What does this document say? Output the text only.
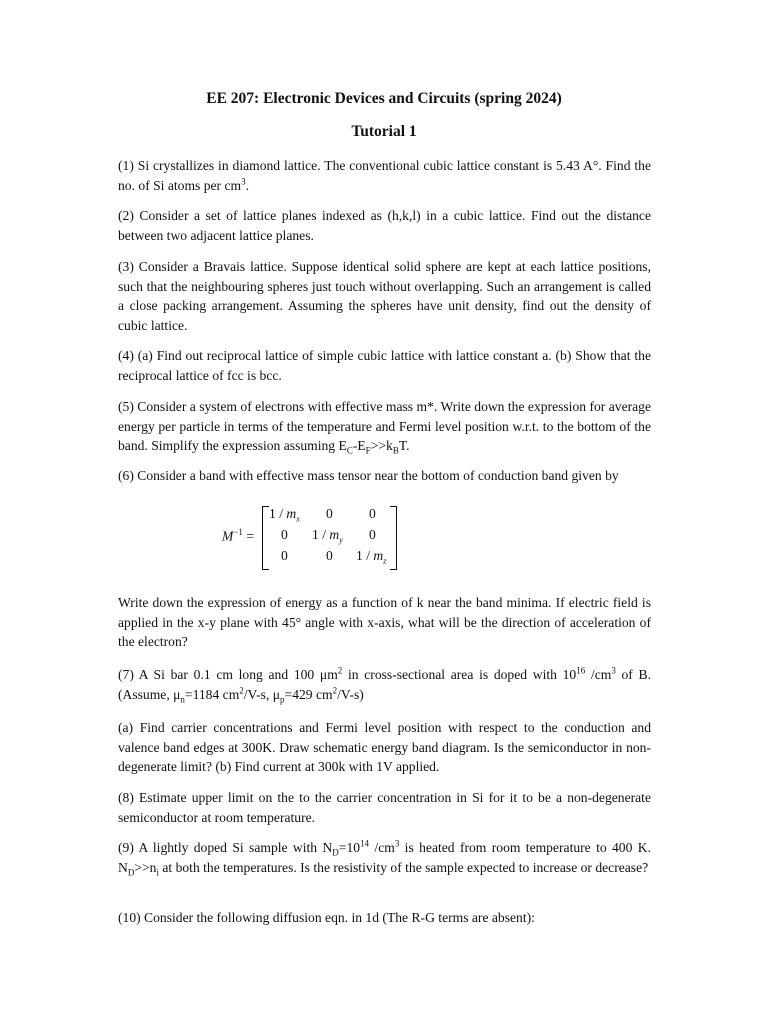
EE 207: Electronic Devices and Circuits (spring 2024)
Tutorial 1
(1) Si crystallizes in diamond lattice. The conventional cubic lattice constant is 5.43 A°. Find the no. of Si atoms per $cm^3$.
(2) Consider a set of lattice planes indexed as (h,k,l) in a cubic lattice. Find out the distance between two adjacent lattice planes.
(3) Consider a Bravais lattice. Suppose identical solid sphere are kept at each lattice positions, such that the neighbouring spheres just touch without overlapping. Such an arrangement is called a close packing arrangement. Assuming the spheres have unit density, find out the density of cubic lattice.
(4) (a) Find out reciprocal lattice of simple cubic lattice with lattice constant a. (b) Show that the reciprocal lattice of fcc is bcc.
(5) Consider a system of electrons with effective mass m*. Write down the expression for average energy per particle in terms of the temperature and Fermi level position w.r.t. to the bottom of the band. Simplify the expression assuming $E_C-E_F>>k_BT$.
(6) Consider a band with effective mass tensor near the bottom of conduction band given by
$M^{-1}$ =
$1 / m_x$ 0	0
0 $1 / m_y$ 0
0	0 $1 / m_z$
Write down the expression of energy as a function of k near the band minima. If electric field is applied in the x-y plane with 45° angle with x-axis, what will be the direction of acceleration of the electron?
(7) A Si bar 0.1 cm long and 100 $\mu m^2$ in cross-sectional area is doped with $10^{16}$ $/cm^3$ of B. (Assume, $\mu_n=1184$ $cm^2/V-s$, $\mu_p=429$ $cm^2/V-s$)
(a) Find carrier concentrations and Fermi level position with respect to the conduction and valence band edges at 300K. Draw schematic energy band diagram. Is the semiconductor in non-degenerate limit? (b) Find current at 300k with 1V applied.
(8) Estimate upper limit on the to the carrier concentration in Si for it to be a non-degenerate semiconductor at room temperature.
(9) A lightly doped Si sample with $N_D=10^{14}$ $/cm^3$ is heated from room temperature to 400 K. $N_D>>n_i$ at both the temperatures. Is the resistivity of the sample expected to increase or decrease?
(10) Consider the following diffusion eqn. in 1d (The R-G terms are absent):
